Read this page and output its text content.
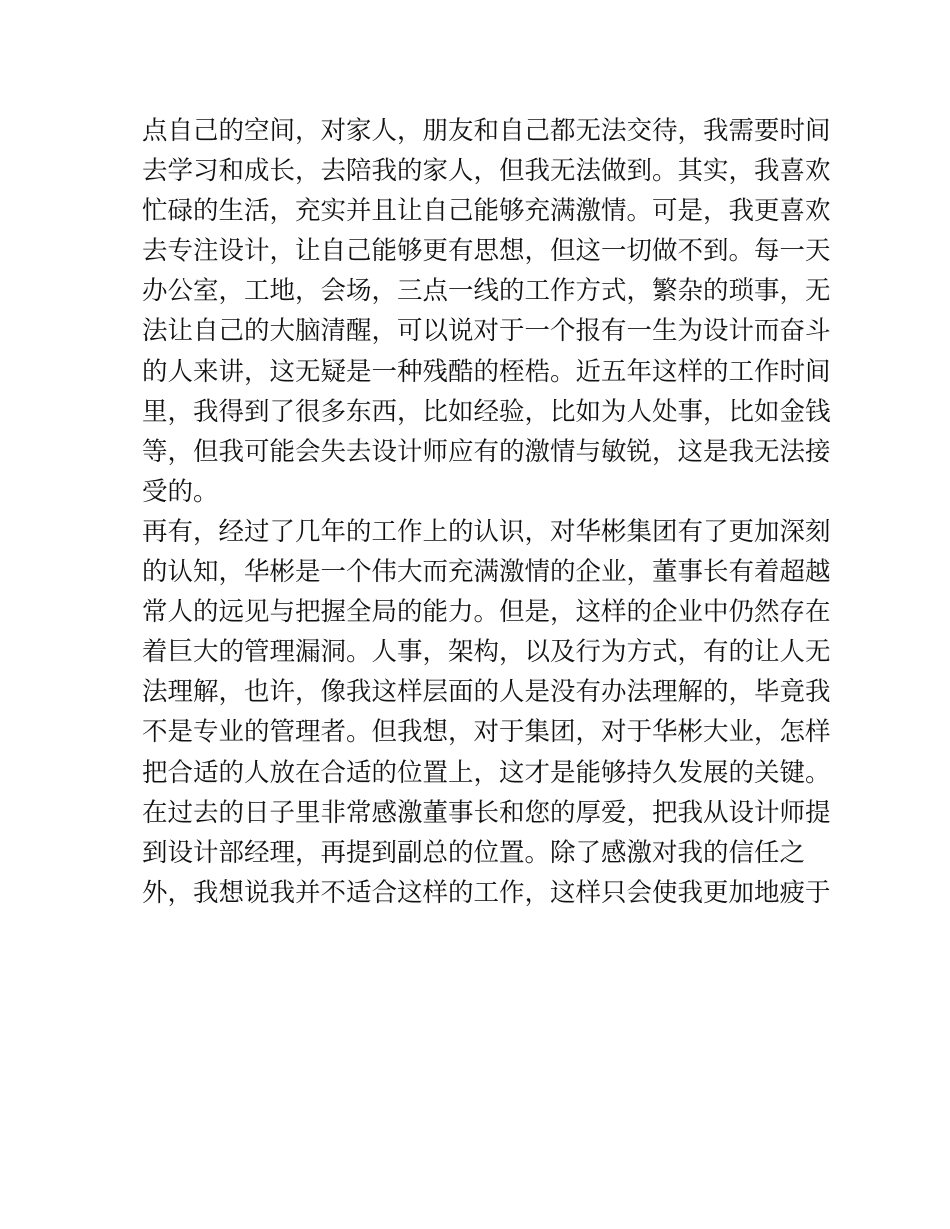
点自己的空间，对家人，朋友和自己都无法交待，我需要时间
去学习和成长，去陪我的家人，但我无法做到。其实，我喜欢
忙碌的生活，充实并且让自己能够充满激情。可是，我更喜欢
去专注设计，让自己能够更有思想，但这一切做不到。每一天
办公室，工地，会场，三点一线的工作方式，繁杂的琐事，无
法让自己的大脑清醒，可以说对于一个报有一生为设计而奋斗
的人来讲，这无疑是一种残酷的桎梏。近五年这样的工作时间
里，我得到了很多东西，比如经验，比如为人处事，比如金钱
等，但我可能会失去设计师应有的激情与敏锐，这是我无法接
受的。
再有，经过了几年的工作上的认识，对华彬集团有了更加深刻
的认知，华彬是一个伟大而充满激情的企业，董事长有着超越
常人的远见与把握全局的能力。但是，这样的企业中仍然存在
着巨大的管理漏洞。人事，架构，以及行为方式，有的让人无
法理解，也许，像我这样层面的人是没有办法理解的，毕竟我
不是专业的管理者。但我想，对于集团，对于华彬大业，怎样
把合适的人放在合适的位置上，这才是能够持久发展的关键。
在过去的日子里非常感激董事长和您的厚爱，把我从设计师提
到设计部经理，再提到副总的位置。除了感激对我的信任之
外，我想说我并不适合这样的工作，这样只会使我更加地疲于
